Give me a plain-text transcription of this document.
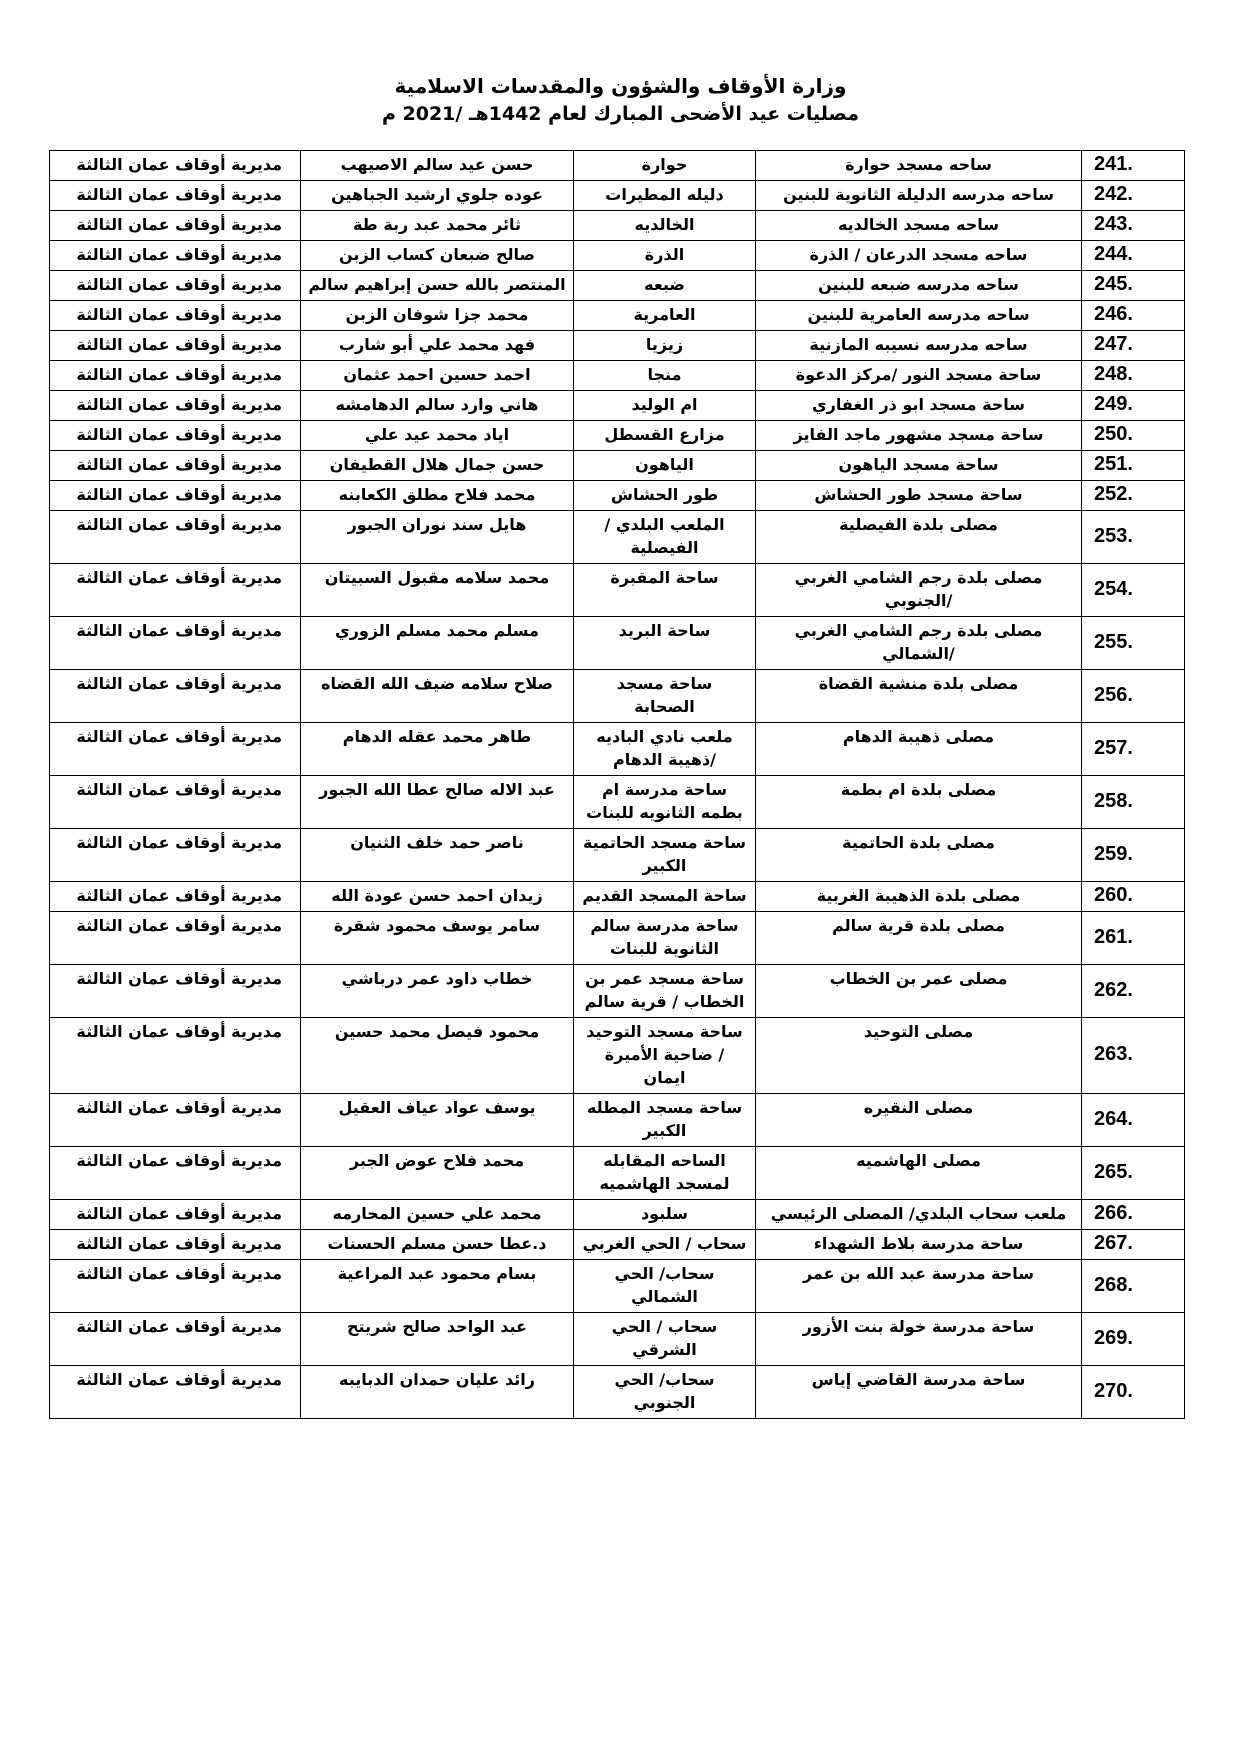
وزارة الأوقاف والشؤون والمقدسات الاسلامية
مصليات عيد الأضحى المبارك لعام 1442هـ /2021 م
241.	ساحه مسجد حوارة	حوارة	حسن عيد سالم الاصيهب	مديرية أوقاف عمان الثالثة
242.	ساحه مدرسه الدليلة الثانوية للبنين	دليله المطيرات	عوده جلوي ارشيد الجباهين	مديرية أوقاف عمان الثالثة
243.	ساحه مسجد الخالديه	الخالديه	ثائر محمد عبد ربة طة	مديرية أوقاف عمان الثالثة
244.	ساحه مسجد الدرعان / الذرة	الذرة	صالح ضبعان كساب الزبن	مديرية أوقاف عمان الثالثة
245.	ساحه مدرسه ضبعه للبنين	ضبعه	المنتصر بالله حسن إبراهيم سالم	مديرية أوقاف عمان الثالثة
246.	ساحه مدرسه العامرية للبنين	العامرية	محمد جزا شوفان الزبن	مديرية أوقاف عمان الثالثة
247.	ساحه مدرسه نسيبه المازنية	زيزيا	فهد محمد علي أبو شارب	مديرية أوقاف عمان الثالثة
248.	ساحة مسجد النور /مركز الدعوة	منجا	احمد حسين احمد عثمان	مديرية أوقاف عمان الثالثة
249.	ساحة مسجد ابو ذر الغفاري	ام الوليد	هاني وارد سالم الدهامشه	مديرية أوقاف عمان الثالثة
250.	ساحة مسجد مشهور ماجد الفايز	مزارع القسطل	اياد محمد عيد علي	مديرية أوقاف عمان الثالثة
251.	ساحة مسجد الياهون	الياهون	حسن جمال هلال القطيفان	مديرية أوقاف عمان الثالثة
252.	ساحة مسجد طور الحشاش	طور الحشاش	محمد فلاح مطلق الكعابنه	مديرية أوقاف عمان الثالثة
253.	مصلى بلدة الفيصلية	الملعب البلدي /
الفيصلية	هايل سند نوران الجبور	مديرية أوقاف عمان الثالثة
254.	مصلى بلدة رجم الشامي الغربي
/الجنوبي	ساحة المقبرة	محمد سلامه مقبول السبيتان	مديرية أوقاف عمان الثالثة
255.	مصلى بلدة رجم الشامي الغربي
/الشمالي	ساحة البريد	مسلم محمد مسلم الزوري	مديرية أوقاف عمان الثالثة
256.	مصلى بلدة منشية القضاة	ساحة مسجد
الصحابة	صلاح سلامه ضيف الله القضاه	مديرية أوقاف عمان الثالثة
257.	مصلى ذهيبة الدهام	ملعب نادي الباديه
/ذهيبة الدهام	طاهر محمد عقله الدهام	مديرية أوقاف عمان الثالثة
258.	مصلى بلدة ام بطمة	ساحة مدرسة ام
بطمه الثانويه للبنات	عبد الاله صالح عطا الله الجبور	مديرية أوقاف عمان الثالثة
259.	مصلى بلدة الحاتمية	ساحة مسجد الحاتمية
الكبير	ناصر حمد خلف الثنيان	مديرية أوقاف عمان الثالثة
260.	مصلى بلدة الذهيبة الغربية	ساحة المسجد القديم	زيدان احمد حسن عودة الله	مديرية أوقاف عمان الثالثة
261.	مصلى بلدة قرية سالم	ساحة مدرسة سالم
الثانوية للبنات	سامر يوسف محمود شقرة	مديرية أوقاف عمان الثالثة
262.	مصلى عمر بن الخطاب	ساحة مسجد عمر بن
الخطاب / قرية سالم	خطاب داود عمر درباشي	مديرية أوقاف عمان الثالثة
263.	مصلى التوحيد	ساحة مسجد التوحيد
/ ضاحية الأميرة
ايمان	محمود فيصل محمد حسين	مديرية أوقاف عمان الثالثة
264.	مصلى النقيره	ساحة مسجد المطله
الكبير	يوسف عواد عياف العقيل	مديرية أوقاف عمان الثالثة
265.	مصلى الهاشميه	الساحه المقابله
لمسجد الهاشميه	محمد فلاح عوض الجبر	مديرية أوقاف عمان الثالثة
266.	ملعب سحاب البلدي/ المصلى الرئيسي	سلبود	محمد علي حسين المحارمه	مديرية أوقاف عمان الثالثة
267.	ساحة مدرسة بلاط الشهداء	سحاب / الحي الغربي	د.عطا حسن مسلم الحسنات	مديرية أوقاف عمان الثالثة
268.	ساحة مدرسة عبد الله بن عمر	سحاب/ الحي
الشمالي	بسام محمود عبد المراعية	مديرية أوقاف عمان الثالثة
269.	ساحة مدرسة خولة بنت الأزور	سحاب / الحي
الشرقي	عبد الواحد صالح شريتح	مديرية أوقاف عمان الثالثة
270.	ساحة مدرسة القاضي إياس	سحاب/ الحي
الجنوبي	رائد عليان حمدان الدبايبه	مديرية أوقاف عمان الثالثة
